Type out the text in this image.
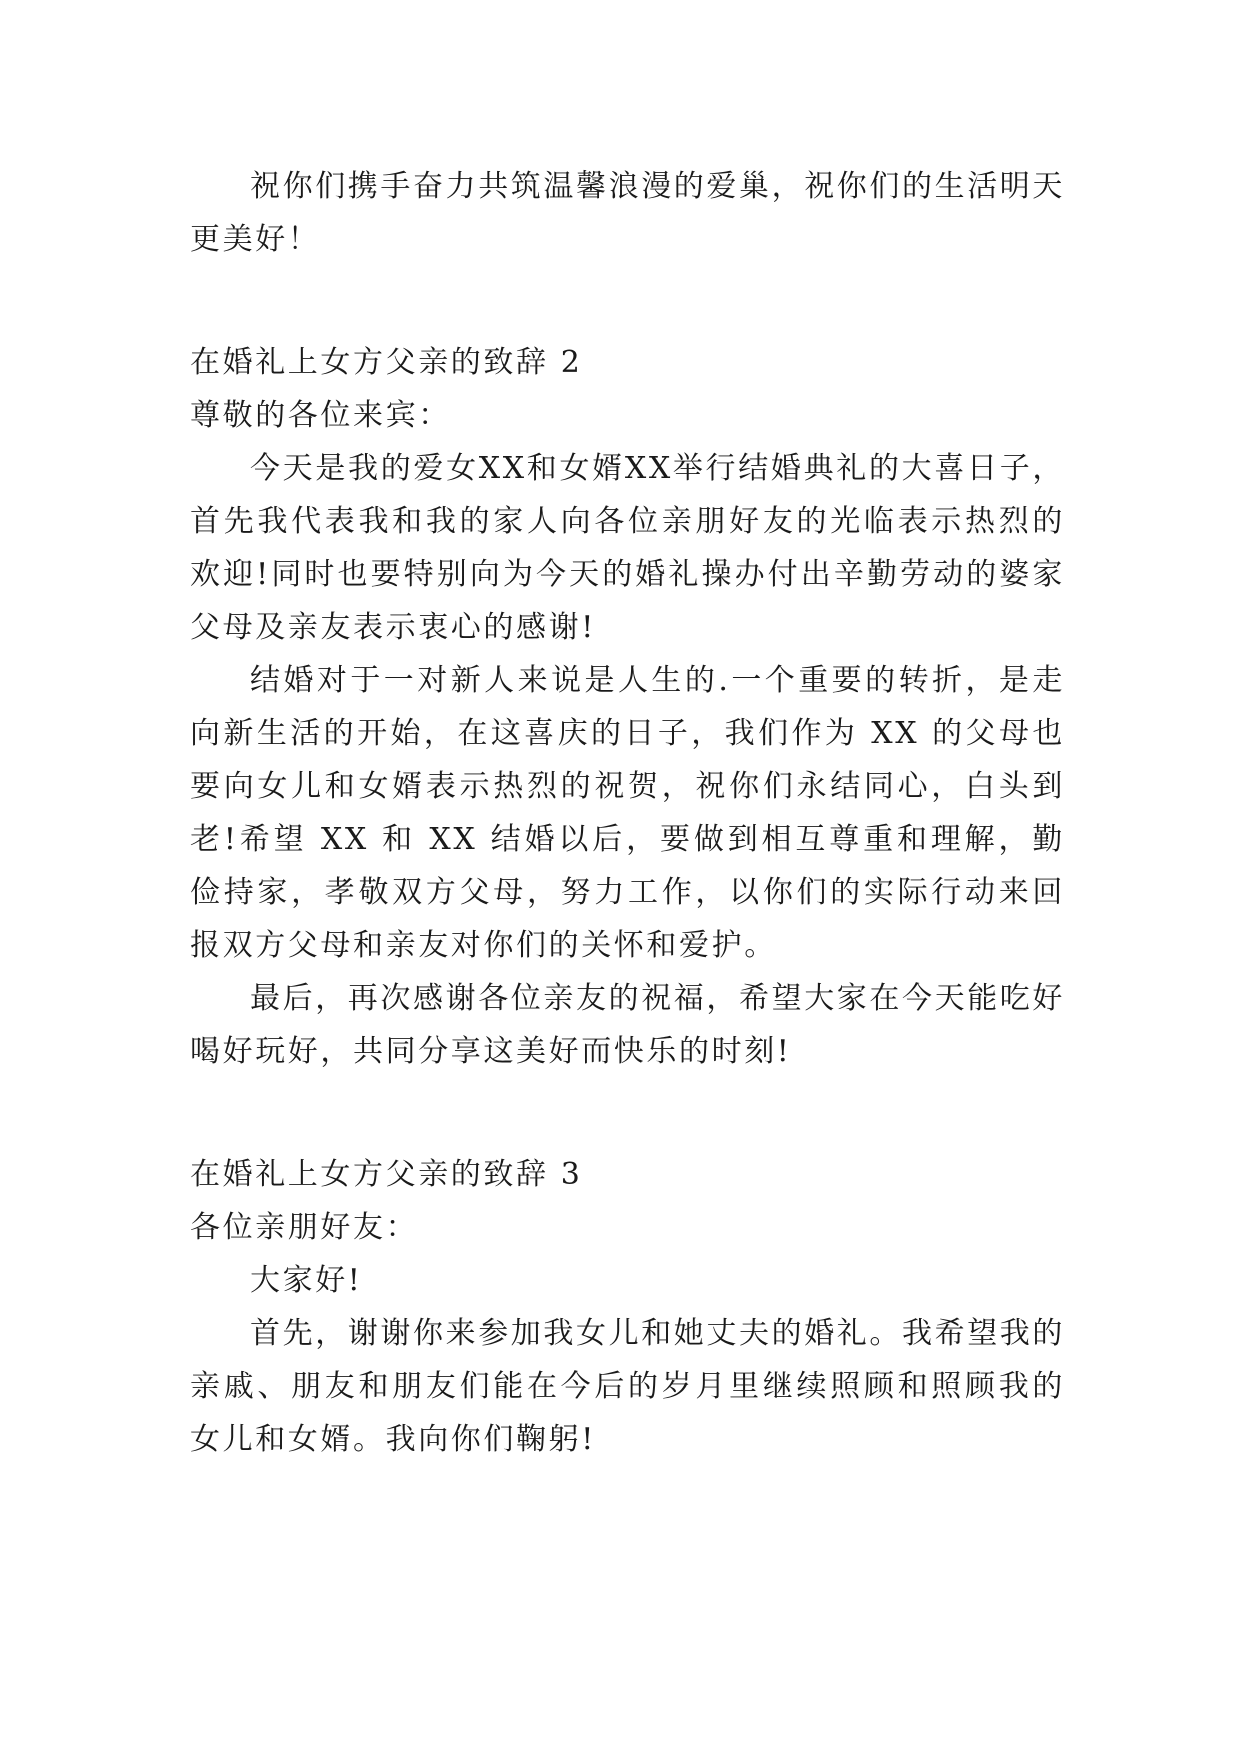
祝你们携手奋力共筑温馨浪漫的爱巢，祝你们的生活明天更美好！

在婚礼上女方父亲的致辞 2

尊敬的各位来宾：

今天是我的爱女XX和女婿XX举行结婚典礼的大喜日子，首先我代表我和我的家人向各位亲朋好友的光临表示热烈的欢迎!同时也要特别向为今天的婚礼操办付出辛勤劳动的婆家父母及亲友表示衷心的感谢!

结婚对于一对新人来说是人生的.一个重要的转折，是走向新生活的开始，在这喜庆的日子，我们作为 XX 的父母也要向女儿和女婿表示热烈的祝贺，祝你们永结同心，白头到老!希望 XX 和 XX 结婚以后，要做到相互尊重和理解，勤俭持家，孝敬双方父母，努力工作，以你们的实际行动来回报双方父母和亲友对你们的关怀和爱护。

最后，再次感谢各位亲友的祝福，希望大家在今天能吃好喝好玩好，共同分享这美好而快乐的时刻!

在婚礼上女方父亲的致辞 3

各位亲朋好友：

大家好!

首先，谢谢你来参加我女儿和她丈夫的婚礼。我希望我的亲戚、朋友和朋友们能在今后的岁月里继续照顾和照顾我的女儿和女婿。我向你们鞠躬!
